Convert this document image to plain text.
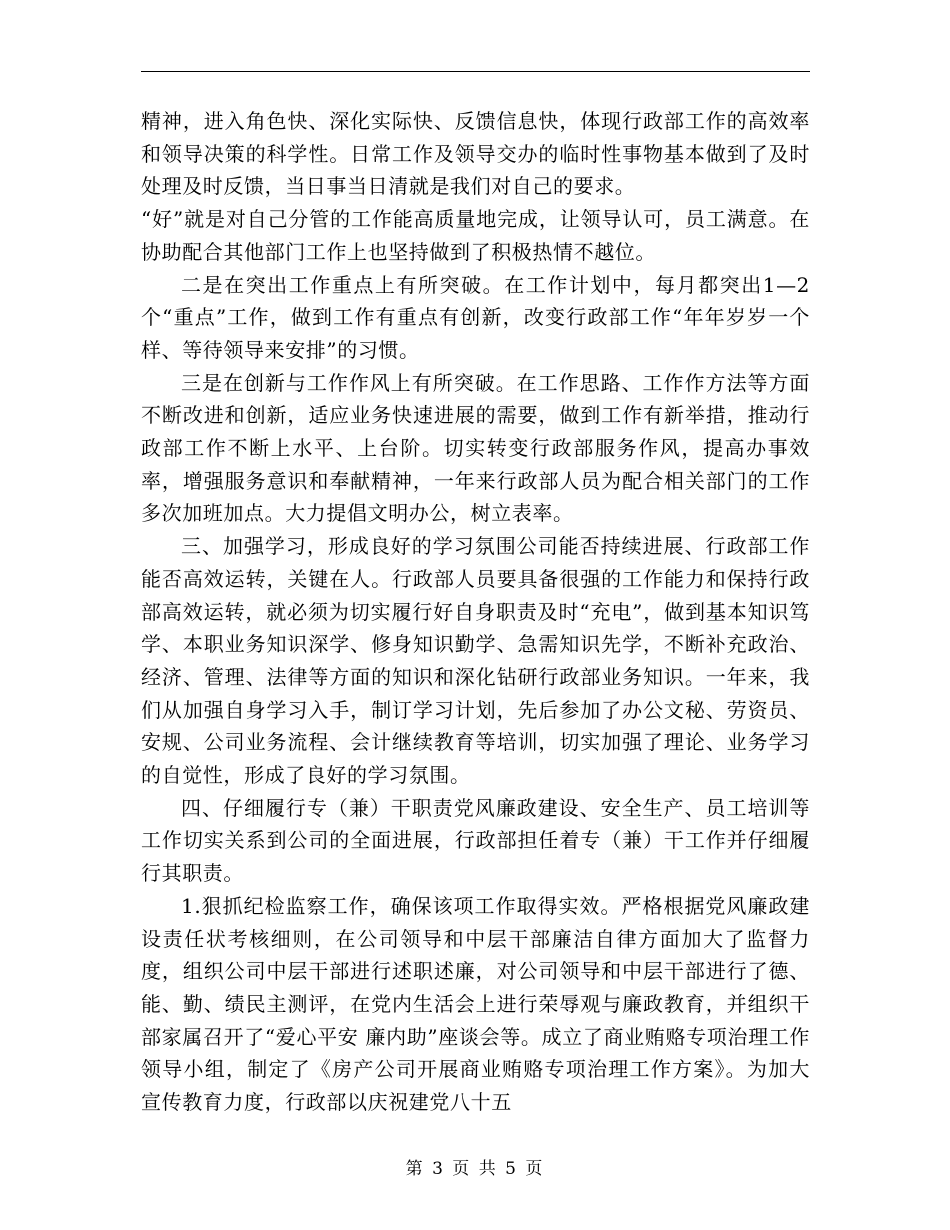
精神，进入角色快、深化实际快、反馈信息快，体现行政部工作的高效率和领导决策的科学性。日常工作及领导交办的临时性事物基本做到了及时处理及时反馈，当日事当日清就是我们对自己的要求。

“好”就是对自己分管的工作能高质量地完成，让领导认可，员工满意。在协助配合其他部门工作上也坚持做到了积极热情不越位。

二是在突出工作重点上有所突破。在工作计划中，每月都突出1—2个“重点”工作，做到工作有重点有创新，改变行政部工作“年年岁岁一个样、等待领导来安排”的习惯。

三是在创新与工作作风上有所突破。在工作思路、工作作方法等方面不断改进和创新，适应业务快速进展的需要，做到工作有新举措，推动行政部工作不断上水平、上台阶。切实转变行政部服务作风，提高办事效率，增强服务意识和奉献精神，一年来行政部人员为配合相关部门的工作多次加班加点。大力提倡文明办公，树立表率。

三、加强学习，形成良好的学习氛围公司能否持续进展、行政部工作能否高效运转，关键在人。行政部人员要具备很强的工作能力和保持行政部高效运转，就必须为切实履行好自身职责及时“充电”，做到基本知识笃学、本职业务知识深学、修身知识勤学、急需知识先学，不断补充政治、经济、管理、法律等方面的知识和深化钻研行政部业务知识。一年来，我们从加强自身学习入手，制订学习计划，先后参加了办公文秘、劳资员、安规、公司业务流程、会计继续教育等培训，切实加强了理论、业务学习的自觉性，形成了良好的学习氛围。

四、仔细履行专（兼）干职责党风廉政建设、安全生产、员工培训等工作切实关系到公司的全面进展，行政部担任着专（兼）干工作并仔细履行其职责。

1.狠抓纪检监察工作，确保该项工作取得实效。严格根据党风廉政建设责任状考核细则，在公司领导和中层干部廉洁自律方面加大了监督力度，组织公司中层干部进行述职述廉，对公司领导和中层干部进行了德、能、勤、绩民主测评，在党内生活会上进行荣辱观与廉政教育，并组织干部家属召开了“爱心平安 廉内助”座谈会等。成立了商业贿赂专项治理工作领导小组，制定了《房产公司开展商业贿赂专项治理工作方案》。为加大宣传教育力度，行政部以庆祝建党八十五

第 3 页 共 5 页
